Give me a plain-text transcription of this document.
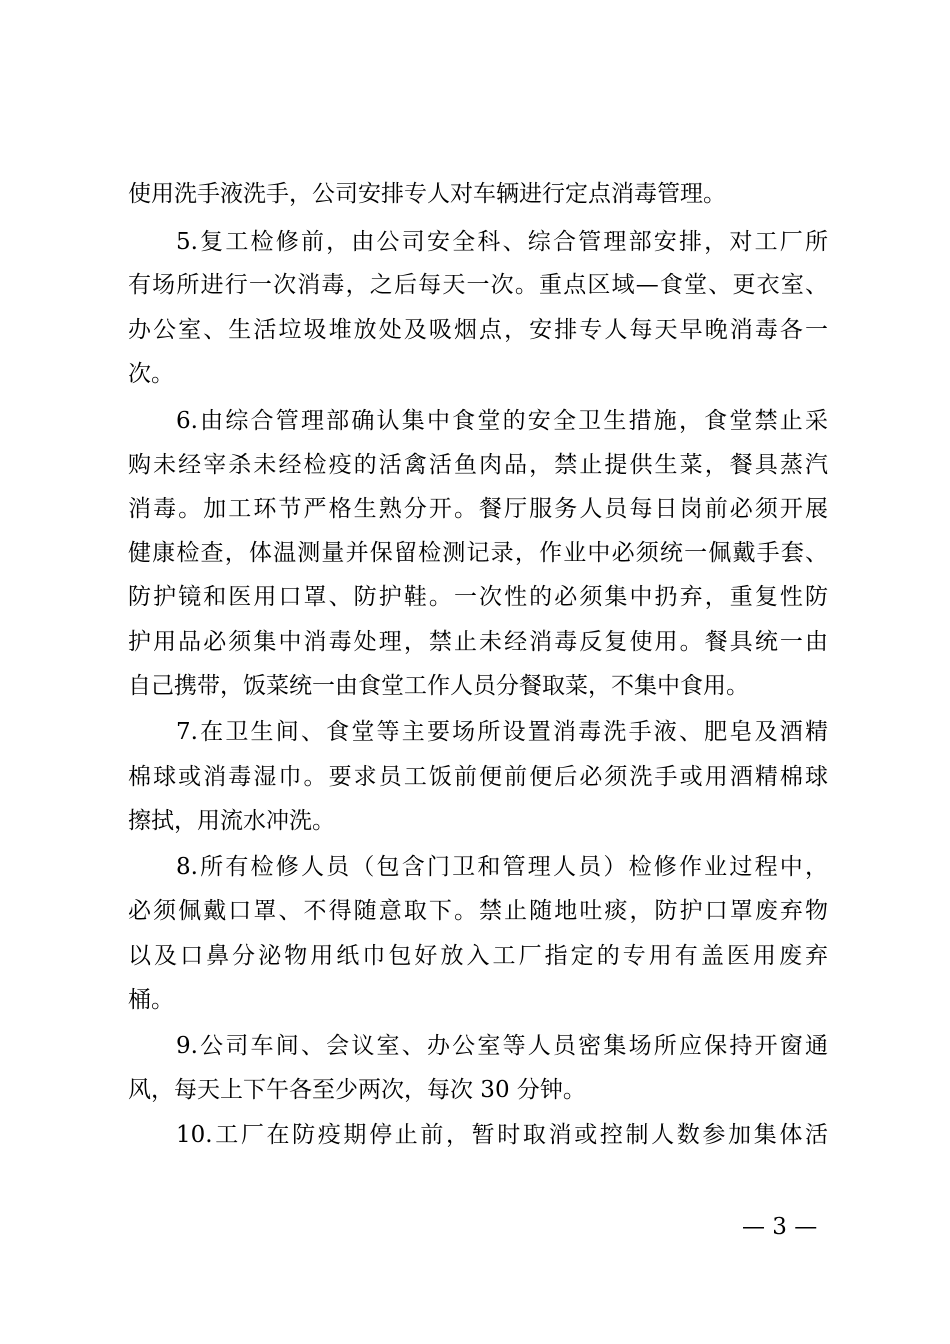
使用洗手液洗手，公司安排专人对车辆进行定点消毒管理。
5.复工检修前，由公司安全科、综合管理部安排，对工厂所
有场所进行一次消毒，之后每天一次。重点区域—食堂、更衣室、
办公室、生活垃圾堆放处及吸烟点，安排专人每天早晚消毒各一
次。
6.由综合管理部确认集中食堂的安全卫生措施，食堂禁止采
购未经宰杀未经检疫的活禽活鱼肉品，禁止提供生菜，餐具蒸汽
消毒。加工环节严格生熟分开。餐厅服务人员每日岗前必须开展
健康检查，体温测量并保留检测记录，作业中必须统一佩戴手套、
防护镜和医用口罩、防护鞋。一次性的必须集中扔弃，重复性防
护用品必须集中消毒处理，禁止未经消毒反复使用。餐具统一由
自己携带，饭菜统一由食堂工作人员分餐取菜，不集中食用。
7.在卫生间、食堂等主要场所设置消毒洗手液、肥皂及酒精
棉球或消毒湿巾。要求员工饭前便前便后必须洗手或用酒精棉球
擦拭，用流水冲洗。
8.所有检修人员（包含门卫和管理人员）检修作业过程中，
必须佩戴口罩、不得随意取下。禁止随地吐痰，防护口罩废弃物
以及口鼻分泌物用纸巾包好放入工厂指定的专用有盖医用废弃
桶。
9.公司车间、会议室、办公室等人员密集场所应保持开窗通
风，每天上下午各至少两次，每次 30 分钟。
10.工厂在防疫期停止前，暂时取消或控制人数参加集体活
— 3 —
